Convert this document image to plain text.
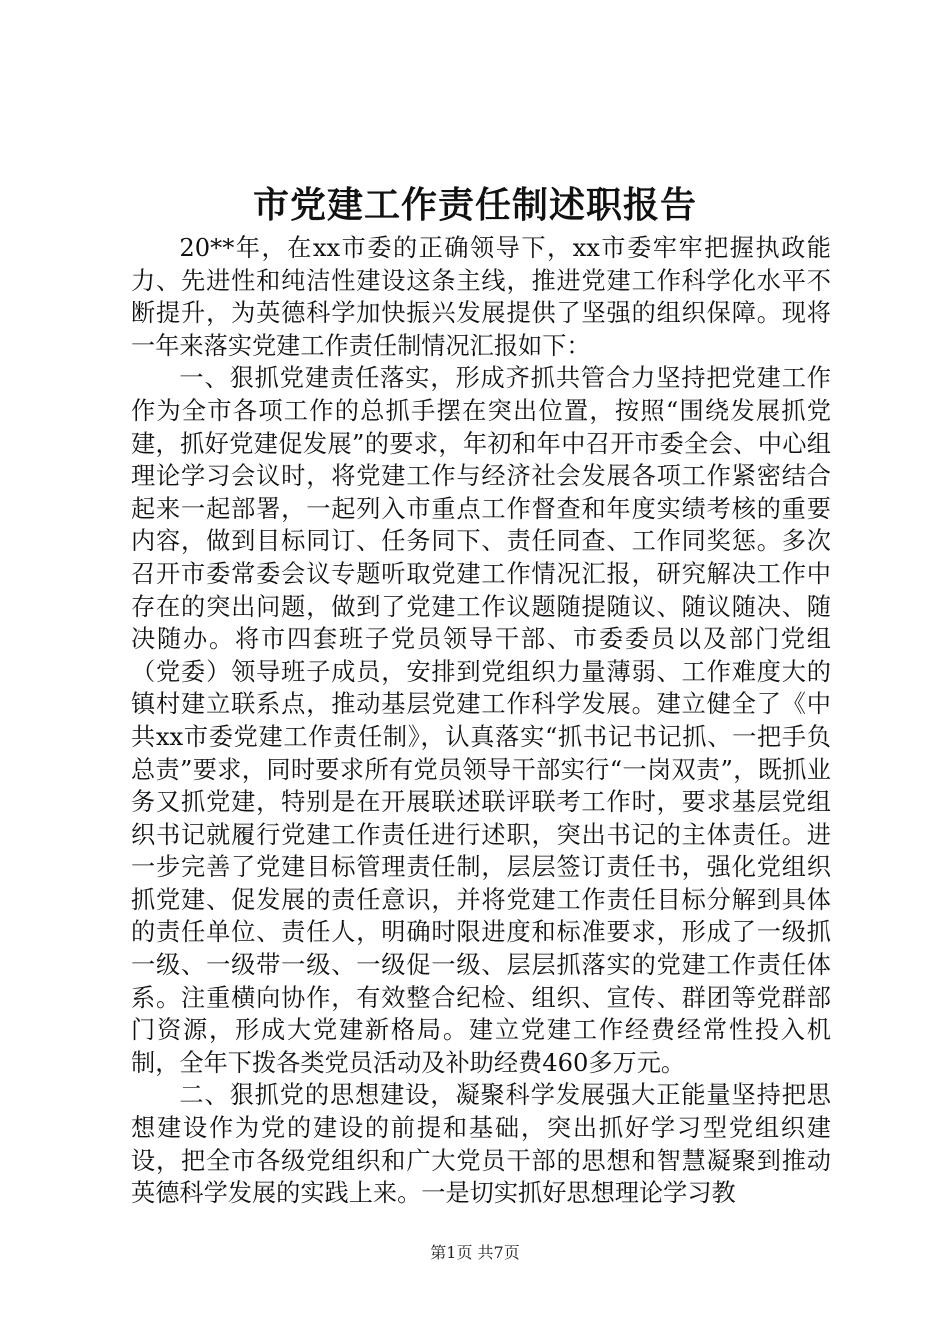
市党建工作责任制述职报告

20**年，在xx市委的正确领导下，xx市委牢牢把握执政能力、先进性和纯洁性建设这条主线，推进党建工作科学化水平不断提升，为英德科学加快振兴发展提供了坚强的组织保障。现将一年来落实党建工作责任制情况汇报如下：

一、狠抓党建责任落实，形成齐抓共管合力坚持把党建工作作为全市各项工作的总抓手摆在突出位置，按照“围绕发展抓党建，抓好党建促发展”的要求，年初和年中召开市委全会、中心组理论学习会议时，将党建工作与经济社会发展各项工作紧密结合起来一起部署，一起列入市重点工作督查和年度实绩考核的重要内容，做到目标同订、任务同下、责任同查、工作同奖惩。多次召开市委常委会议专题听取党建工作情况汇报，研究解决工作中存在的突出问题，做到了党建工作议题随提随议、随议随决、随决随办。将市四套班子党员领导干部、市委委员以及部门党组（党委）领导班子成员，安排到党组织力量薄弱、工作难度大的镇村建立联系点，推动基层党建工作科学发展。建立健全了《中共xx市委党建工作责任制》，认真落实“抓书记书记抓、一把手负总责”要求，同时要求所有党员领导干部实行“一岗双责”，既抓业务又抓党建，特别是在开展联述联评联考工作时，要求基层党组织书记就履行党建工作责任进行述职，突出书记的主体责任。进一步完善了党建目标管理责任制，层层签订责任书，强化党组织抓党建、促发展的责任意识，并将党建工作责任目标分解到具体的责任单位、责任人，明确时限进度和标准要求，形成了一级抓一级、一级带一级、一级促一级、层层抓落实的党建工作责任体系。注重横向协作，有效整合纪检、组织、宣传、群团等党群部门资源，形成大党建新格局。建立党建工作经费经常性投入机制，全年下拨各类党员活动及补助经费460多万元。

二、狠抓党的思想建设，凝聚科学发展强大正能量坚持把思想建设作为党的建设的前提和基础，突出抓好学习型党组织建设，把全市各级党组织和广大党员干部的思想和智慧凝聚到推动英德科学发展的实践上来。一是切实抓好思想理论学习教

第1页 共7页
